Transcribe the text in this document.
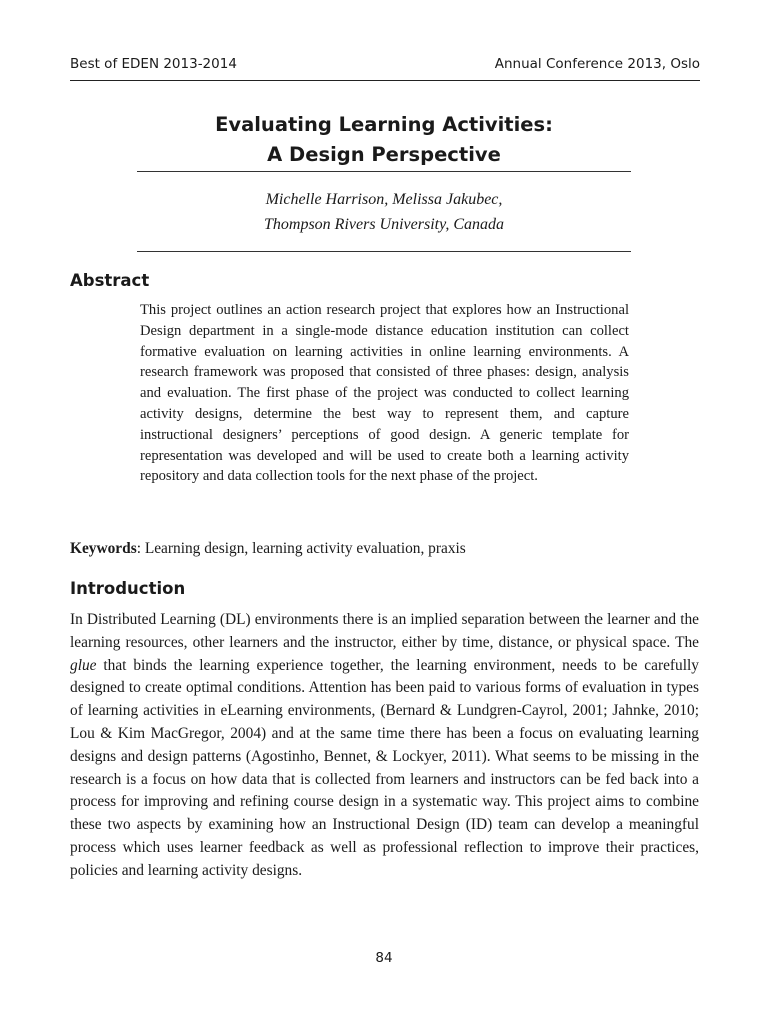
Best of EDEN 2013-2014	Annual Conference 2013, Oslo
Evaluating Learning Activities:
A Design Perspective
Michelle Harrison, Melissa Jakubec,
Thompson Rivers University, Canada
Abstract
This project outlines an action research project that explores how an Instructional Design department in a single-mode distance education institution can collect formative evaluation on learning activities in online learning environments. A research framework was proposed that consisted of three phases: design, analysis and evaluation. The first phase of the project was conducted to collect learning activity designs, determine the best way to represent them, and capture instructional designers’ perceptions of good design. A generic template for representation was developed and will be used to create both a learning activity repository and data collection tools for the next phase of the project.
Keywords: Learning design, learning activity evaluation, praxis
Introduction
In Distributed Learning (DL) environments there is an implied separation between the learner and the learning resources, other learners and the instructor, either by time, distance, or physical space. The glue that binds the learning experience together, the learning environment, needs to be carefully designed to create optimal conditions. Attention has been paid to various forms of evaluation in types of learning activities in eLearning environments, (Bernard & Lundgren-Cayrol, 2001; Jahnke, 2010; Lou & Kim MacGregor, 2004) and at the same time there has been a focus on evaluating learning designs and design patterns (Agostinho, Bennet, & Lockyer, 2011). What seems to be missing in the research is a focus on how data that is collected from learners and instructors can be fed back into a process for improving and refining course design in a systematic way. This project aims to combine these two aspects by examining how an Instructional Design (ID) team can develop a meaningful process which uses learner feedback as well as professional reflection to improve their practices, policies and learning activity designs.
84
